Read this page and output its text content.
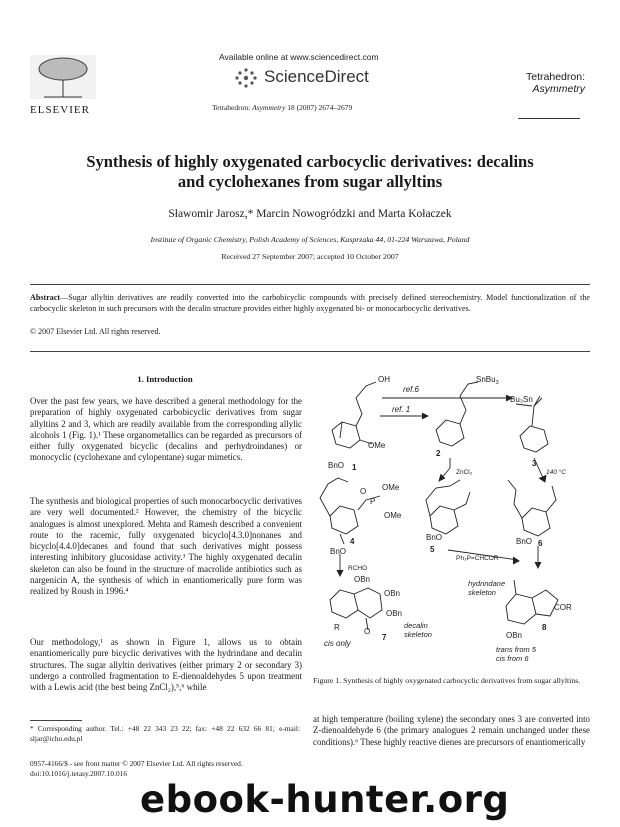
ELSEVIER
Available online at www.sciencedirect.com
ScienceDirect
Tetrahedron: Asymmetry 18 (2007) 2674–2679
Tetrahedron:
Asymmetry
Synthesis of highly oxygenated carbocyclic derivatives: decalins
and cyclohexanes from sugar allyltins
Sławomir Jarosz,* Marcin Nowogródzki and Marta Kołaczek
Institute of Organic Chemistry, Polish Academy of Sciences, Kasprzaka 44, 01-224 Warszawa, Poland
Received 27 September 2007; accepted 10 October 2007
Abstract—Sugar allyltin derivatives are readily converted into the carbobicyclic compounds with precisely defined stereochemistry. Model functionalization of the carbocyclic skeleton in such precursors with the decalin structure provides either highly oxygenated bi- or monocarbocyclic derivatives.
© 2007 Elsevier Ltd. All rights reserved.
1. Introduction
Over the past few years, we have described a general methodology for the preparation of highly oxygenated carbobicyclic derivatives from sugar allyltins 2 and 3, which are readily available from the corresponding allylic alcohols 1 (Fig. 1).¹ These organometallics can be regarded as precursors of either fully oxygenated bicyclic (decalins and perhydroindanes) or monocyclic (cyclohexane and cylopentane) sugar mimetics.
The synthesis and biological properties of such monocarbocyclic derivatives are very well documented.² However, the chemistry of the bicyclic analogues is almost unexplored. Mehta and Ramesh described a convenient route to the racemic, fully oxygenated bicyclo[4.3.0]nonanes and bicyclo[4.4.0]decanes and found that such derivatives might possess interesting inhibitory glucosidase activity.³ The highly oxygenated decalin skeleton can also be found in the structure of macrolide antibiotics such as nargenicin A, the synthesis of which in enantiomerically pure form was realized by Roush in 1996.⁴
Our methodology,¹ as shown in Figure 1, allows us to obtain enantiomerically pure bicyclic derivatives with the hydrindane and decalin structures. The sugar allyltin derivatives (either primary 2 or secondary 3) undergo a controlled fragmentation to E-dienoaldehydes 5 upon treatment with a Lewis acid (the best being ZnCl₂),⁵,⁶ while
* Corresponding author. Tel.: +48 22 343 23 22; fax: +48 22 632 66 81; e-mail: sljar@icho.edu.pl
0957-4166/$ - see front matter © 2007 Elsevier Ltd. All rights reserved.
doi:10.1016/j.tetasy.2007.10.016
OH
OMe
BnO 1
ref.6
ref. 1
SnBu$_3$
Bu₃Sn
2
3
ZnCl₂	140 °C
OMe
P
OMe
O
4
BnO
RCHO
BnO
5
BnO 6
Ph₃P=CHCOR
OBn
OBn
OBn
R	O
7
cis only
decalin
skeleton
hydrindane
skeleton
COR
8
OBn
trans from 5
cis from 6
Figure 1. Synthesis of highly oxygenated carbocyclic derivatives from sugar allyltins.
at high temperature (boiling xylene) the secondary ones 3 are converted into Z-dienoaldehyde 6 (the primary analogues 2 remain unchanged under these conditions).⁶ These highly reactive dienes are precursors of enantiomerically
ebook-hunter.org
